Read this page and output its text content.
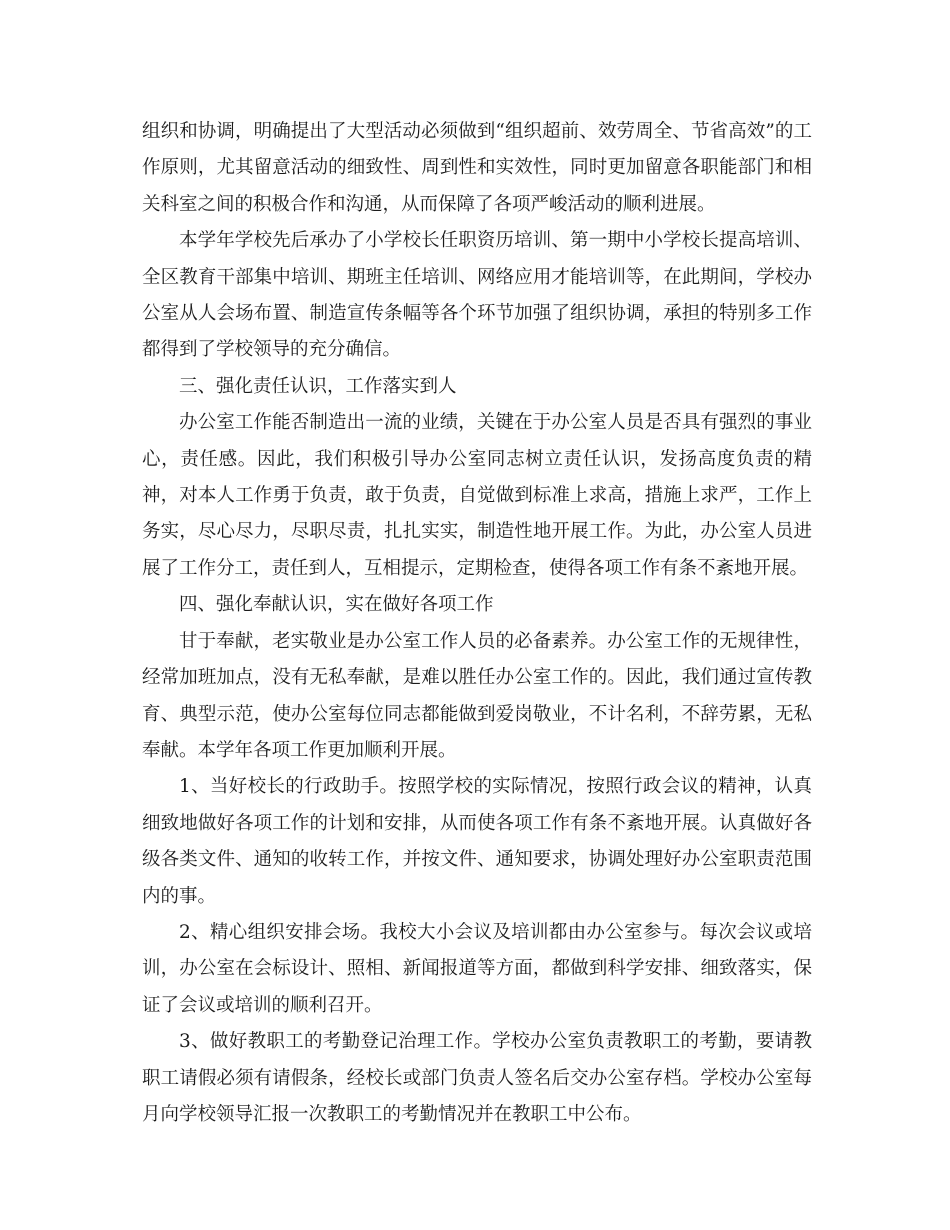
组织和协调，明确提出了大型活动必须做到“组织超前、效劳周全、节省高效”的工作原则，尤其留意活动的细致性、周到性和实效性，同时更加留意各职能部门和相关科室之间的积极合作和沟通，从而保障了各项严峻活动的顺利进展。

本学年学校先后承办了小学校长任职资历培训、第一期中小学校长提高培训、全区教育干部集中培训、期班主任培训、网络应用才能培训等，在此期间，学校办公室从人会场布置、制造宣传条幅等各个环节加强了组织协调，承担的特别多工作都得到了学校领导的充分确信。

三、强化责任认识，工作落实到人

办公室工作能否制造出一流的业绩，关键在于办公室人员是否具有强烈的事业心，责任感。因此，我们积极引导办公室同志树立责任认识，发扬高度负责的精神，对本人工作勇于负责，敢于负责，自觉做到标准上求高，措施上求严，工作上务实，尽心尽力，尽职尽责，扎扎实实，制造性地开展工作。为此，办公室人员进展了工作分工，责任到人，互相提示，定期检查，使得各项工作有条不紊地开展。

四、强化奉献认识，实在做好各项工作

甘于奉献，老实敬业是办公室工作人员的必备素养。办公室工作的无规律性，经常加班加点，没有无私奉献，是难以胜任办公室工作的。因此，我们通过宣传教育、典型示范，使办公室每位同志都能做到爱岗敬业，不计名利，不辞劳累，无私奉献。本学年各项工作更加顺利开展。

1、当好校长的行政助手。按照学校的实际情况，按照行政会议的精神，认真细致地做好各项工作的计划和安排，从而使各项工作有条不紊地开展。认真做好各级各类文件、通知的收转工作，并按文件、通知要求，协调处理好办公室职责范围内的事。

2、精心组织安排会场。我校大小会议及培训都由办公室参与。每次会议或培训，办公室在会标设计、照相、新闻报道等方面，都做到科学安排、细致落实，保证了会议或培训的顺利召开。

3、做好教职工的考勤登记治理工作。学校办公室负责教职工的考勤，要请教职工请假必须有请假条，经校长或部门负责人签名后交办公室存档。学校办公室每月向学校领导汇报一次教职工的考勤情况并在教职工中公布。
